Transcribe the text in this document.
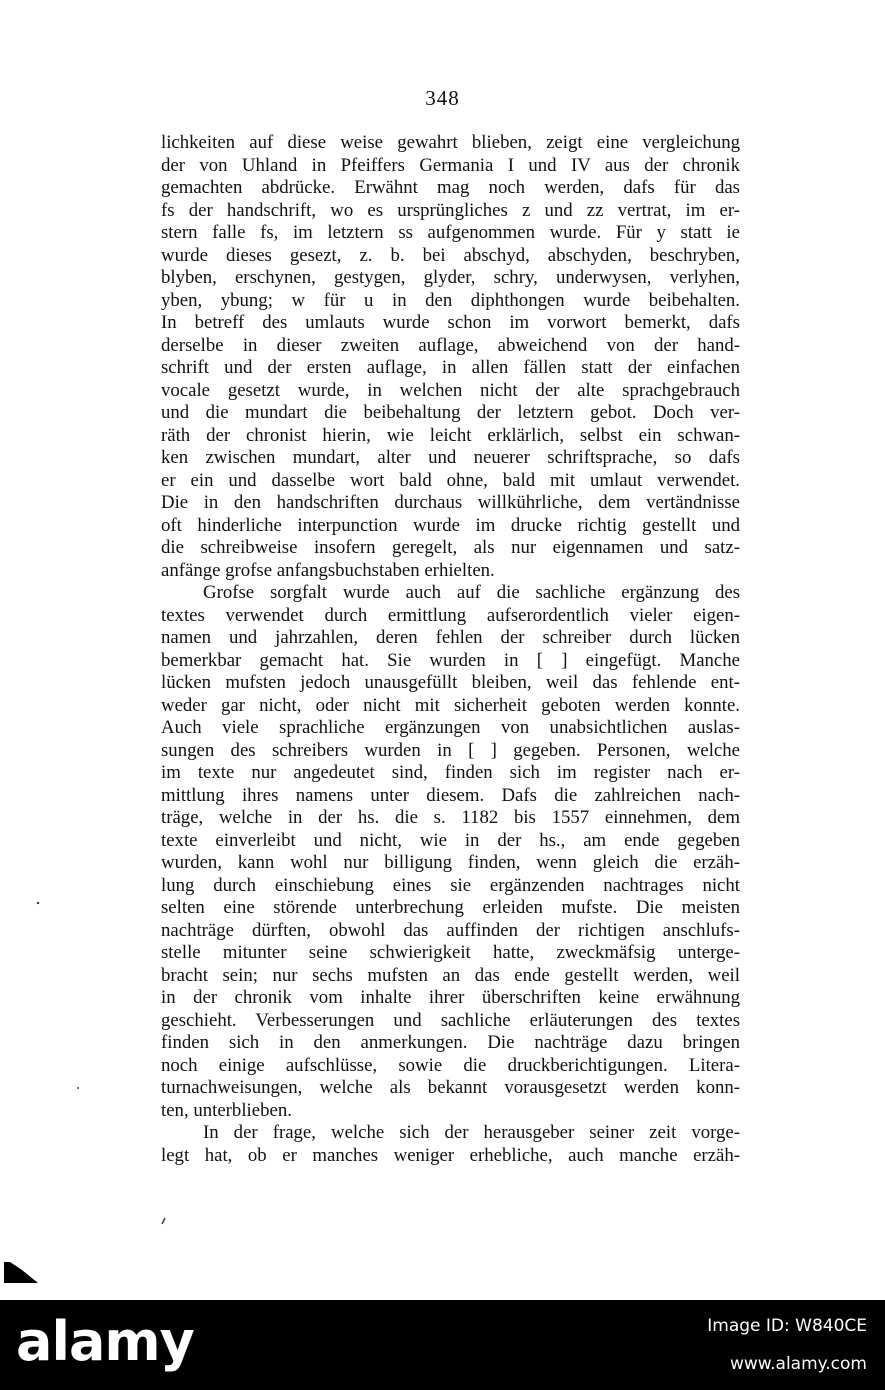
348
lichkeiten auf diese weise gewahrt blieben, zeigt eine vergleichung
der von Uhland in Pfeiffers Germania I und IV aus der chronik
gemachten abdrücke. Erwähnt mag noch werden, dafs für das
fs der handschrift, wo es ursprüngliches z und zz vertrat, im er-
stern falle fs, im letztern ss aufgenommen wurde. Für y statt ie
wurde dieses gesezt, z. b. bei abschyd, abschyden, beschryben,
blyben, erschynen, gestygen, glyder, schry, underwysen, verlyhen,
yben, ybung; w für u in den diphthongen wurde beibehalten.
In betreff des umlauts wurde schon im vorwort bemerkt, dafs
derselbe in dieser zweiten auflage, abweichend von der hand-
schrift und der ersten auflage, in allen fällen statt der einfachen
vocale gesetzt wurde, in welchen nicht der alte sprachgebrauch
und die mundart die beibehaltung der letztern gebot. Doch ver-
räth der chronist hierin, wie leicht erklärlich, selbst ein schwan-
ken zwischen mundart, alter und neuerer schriftsprache, so dafs
er ein und dasselbe wort bald ohne, bald mit umlaut verwendet.
Die in den handschriften durchaus willkührliche, dem vertändnisse
oft hinderliche interpunction wurde im drucke richtig gestellt und
die schreibweise insofern geregelt, als nur eigennamen und satz-
anfänge grofse anfangsbuchstaben erhielten.
Grofse sorgfalt wurde auch auf die sachliche ergänzung des
textes verwendet durch ermittlung aufserordentlich vieler eigen-
namen und jahrzahlen, deren fehlen der schreiber durch lücken
bemerkbar gemacht hat. Sie wurden in [ ] eingefügt. Manche
lücken mufsten jedoch unausgefüllt bleiben, weil das fehlende ent-
weder gar nicht, oder nicht mit sicherheit geboten werden konnte.
Auch viele sprachliche ergänzungen von unabsichtlichen auslas-
sungen des schreibers wurden in [ ] gegeben. Personen, welche
im texte nur angedeutet sind, finden sich im register nach er-
mittlung ihres namens unter diesem. Dafs die zahlreichen nach-
träge, welche in der hs. die s. 1182 bis 1557 einnehmen, dem
texte einverleibt und nicht, wie in der hs., am ende gegeben
wurden, kann wohl nur billigung finden, wenn gleich die erzäh-
lung durch einschiebung eines sie ergänzenden nachtrages nicht
selten eine störende unterbrechung erleiden mufste. Die meisten
nachträge dürften, obwohl das auffinden der richtigen anschlufs-
stelle mitunter seine schwierigkeit hatte, zweckmäfsig unterge-
bracht sein; nur sechs mufsten an das ende gestellt werden, weil
in der chronik vom inhalte ihrer überschriften keine erwähnung
geschieht. Verbesserungen und sachliche erläuterungen des textes
finden sich in den anmerkungen. Die nachträge dazu bringen
noch einige aufschlüsse, sowie die druckberichtigungen. Litera-
turnachweisungen, welche als bekannt vorausgesetzt werden konn-
ten, unterblieben.
In der frage, welche sich der herausgeber seiner zeit vorge-
legt hat, ob er manches weniger erhebliche, auch manche erzäh-
alamy	Image ID: W840CE
www.alamy.com
